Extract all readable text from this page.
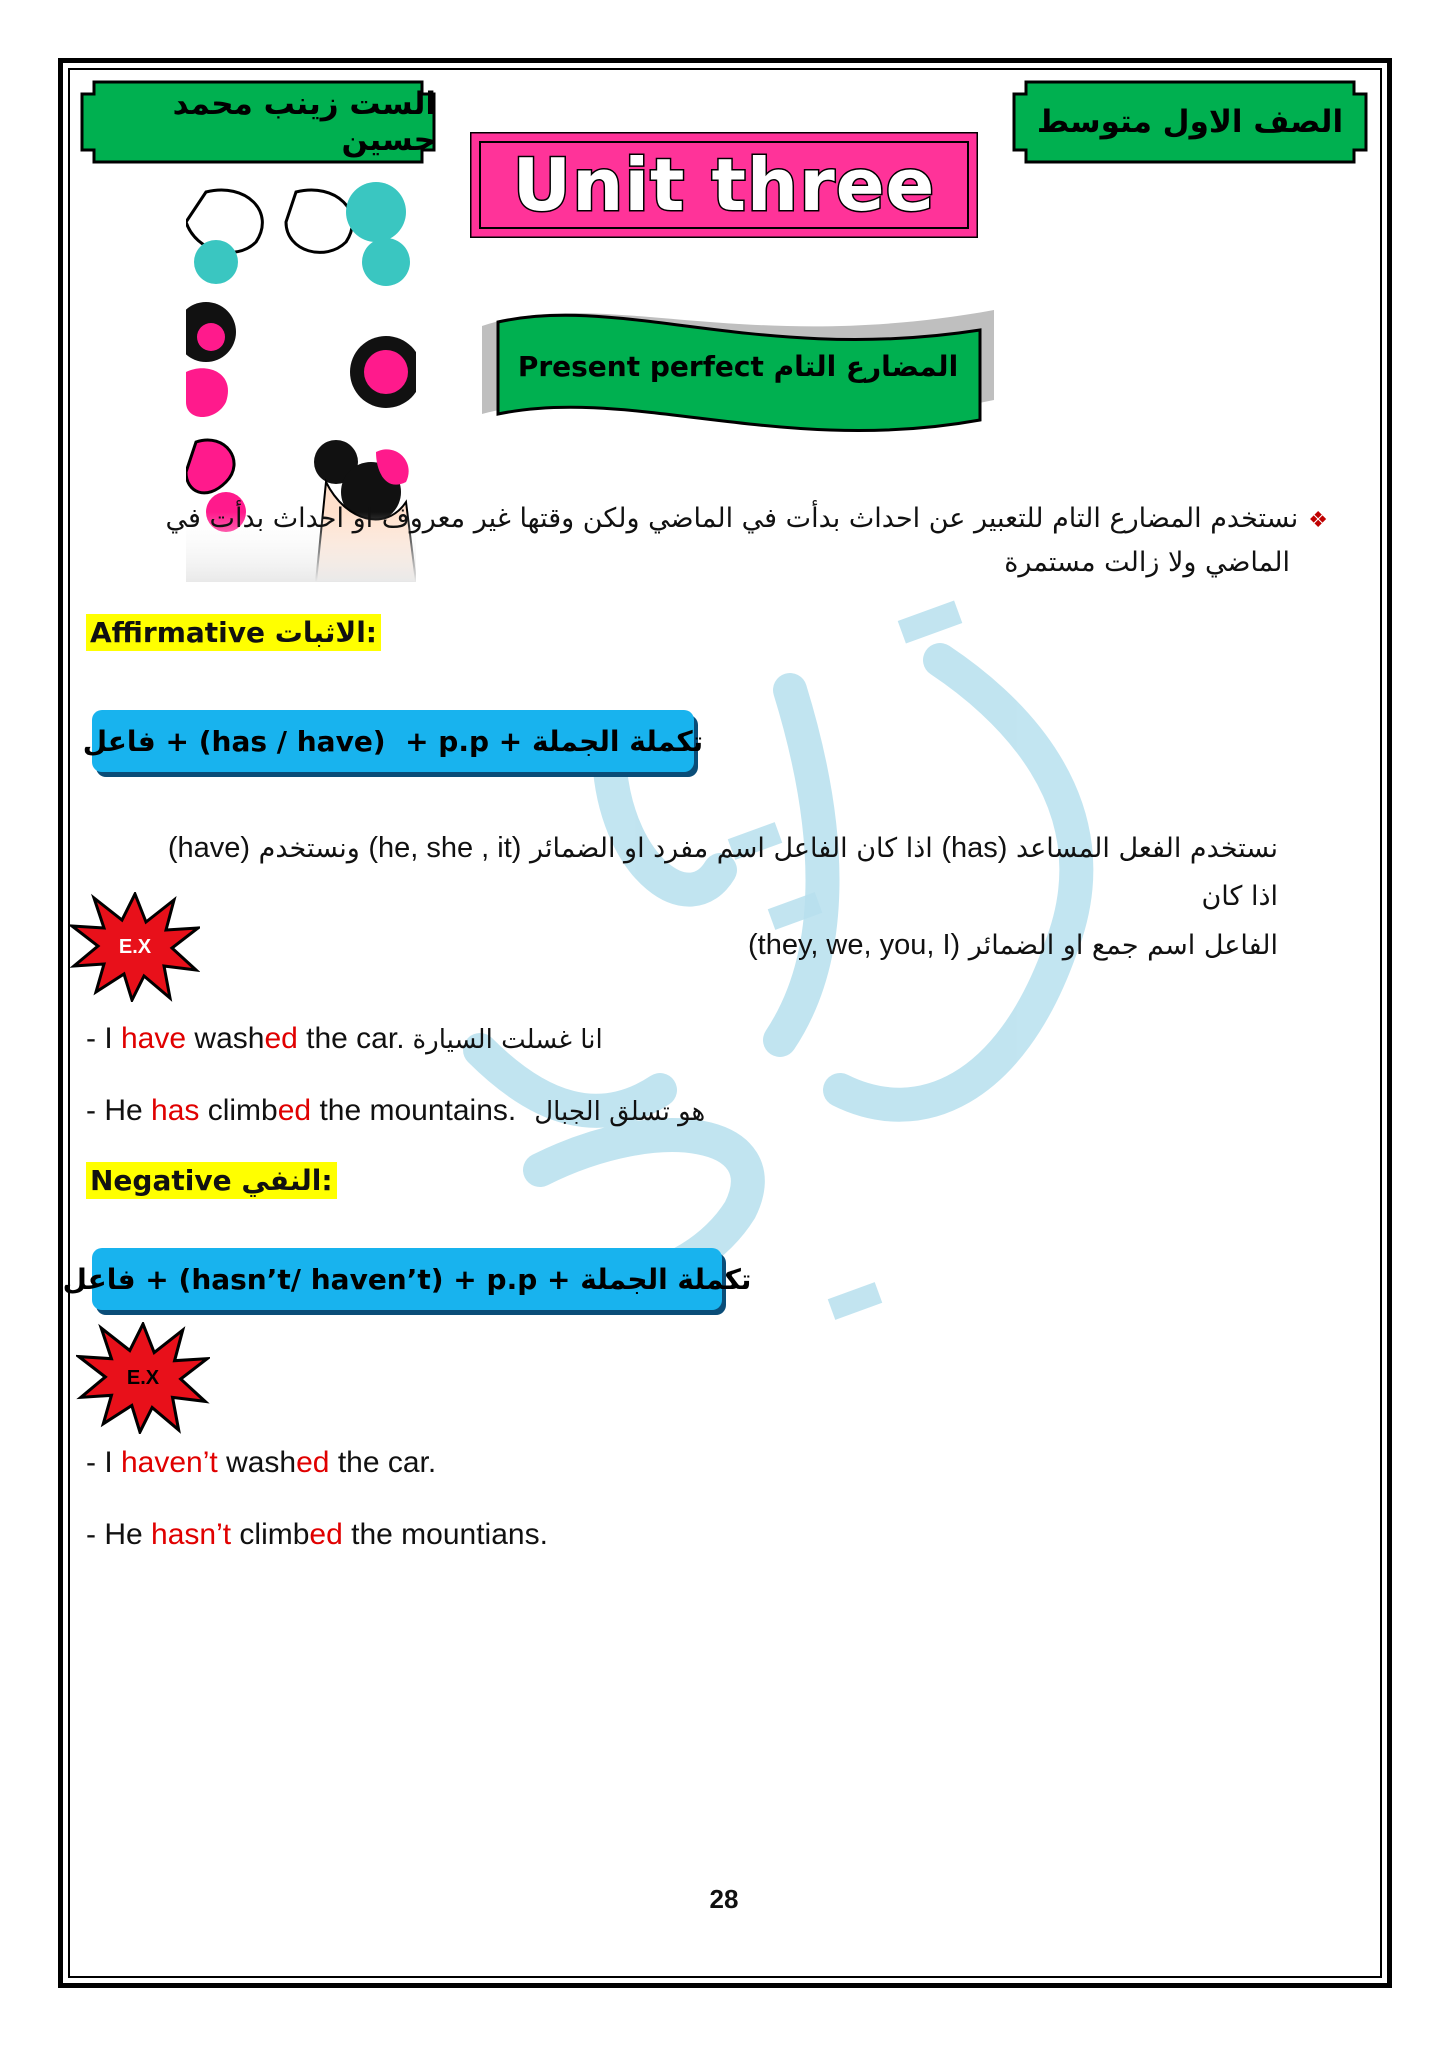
الست زينب محمد حسين	الصف الاول متوسط
Unit three
Present perfect المضارع التام
❖نستخدم المضارع التام للتعبير عن احداث بدأت في الماضي ولكن وقتها غير معروف او احداث بدأت في
الماضي ولا زالت مستمرة
Affirmative الاثبات:
فاعل + (has / have)  + p.p + تكملة الجملة
نستخدم الفعل المساعد (has) اذا كان الفاعل اسم مفرد او الضمائر (he, she , it) ونستخدم (have) اذا كان
الفاعل اسم جمع او الضمائر (they, we, you, I)
E.X
- I have washed the car. انا غسلت السيارة
- He has climbed the mountains. هو تسلق الجبال
Negative النفي:
فاعل + (hasn’t/ haven’t) + p.p + تكملة الجملة
E.X
- I haven’t washed the car.
- He hasn’t climbed the mountians.
28
